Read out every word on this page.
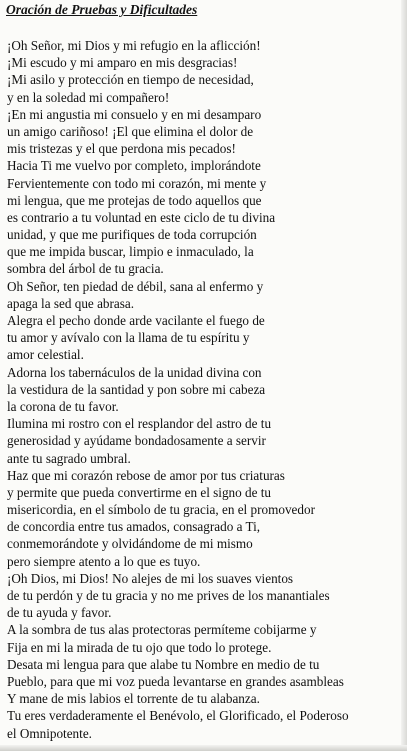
Oración de Pruebas y Dificultades
¡Oh Señor, mi Dios y mi refugio en la aflicción!
¡Mi escudo y mi amparo en mis desgracias!
¡Mi asilo y protección en tiempo de necesidad,
y en la soledad mi compañero!
¡En mi angustia mi consuelo y en mi desamparo
un amigo cariñoso! ¡El que elimina el dolor de
mis tristezas y el que perdona mis pecados!
Hacia Ti me vuelvo por completo, implorándote
Fervientemente con todo mi corazón, mi mente y
mi lengua, que me protejas de todo aquellos que
es contrario a tu voluntad en este ciclo de tu divina
unidad, y que me purifiques de toda corrupción
que me impida buscar, limpio e inmaculado, la
sombra del árbol de tu gracia.
Oh Señor, ten piedad de débil, sana al enfermo y
apaga la sed que abrasa.
Alegra el pecho donde arde vacilante el fuego de
tu amor y avívalo con la llama de tu espíritu y
amor celestial.
Adorna los tabernáculos de la unidad divina con
la vestidura de la santidad y pon sobre mi cabeza
la corona de tu favor.
Ilumina mi rostro con el resplandor del astro de tu
generosidad y ayúdame bondadosamente a servir
ante tu sagrado umbral.
Haz que mi corazón rebose de amor por tus criaturas
y permite que pueda convertirme en el signo de tu
misericordia, en el símbolo de tu gracia, en el promovedor
de concordia entre tus amados, consagrado a Ti,
conmemorándote y olvidándome de mi mismo
pero siempre atento a lo que es tuyo.
¡Oh Dios, mi Dios! No alejes de mi los suaves vientos
de tu perdón y de tu gracia y no me prives de los manantiales
de tu ayuda y favor.
A la sombra de tus alas protectoras permíteme cobijarme y
Fija en mi la mirada de tu ojo que todo lo protege.
Desata mi lengua para que alabe tu Nombre en medio de tu
Pueblo, para que mi voz pueda levantarse en grandes asambleas
Y mane de mis labios el torrente de tu alabanza.
Tu eres verdaderamente el Benévolo, el Glorificado, el Poderoso
el Omnipotente.
